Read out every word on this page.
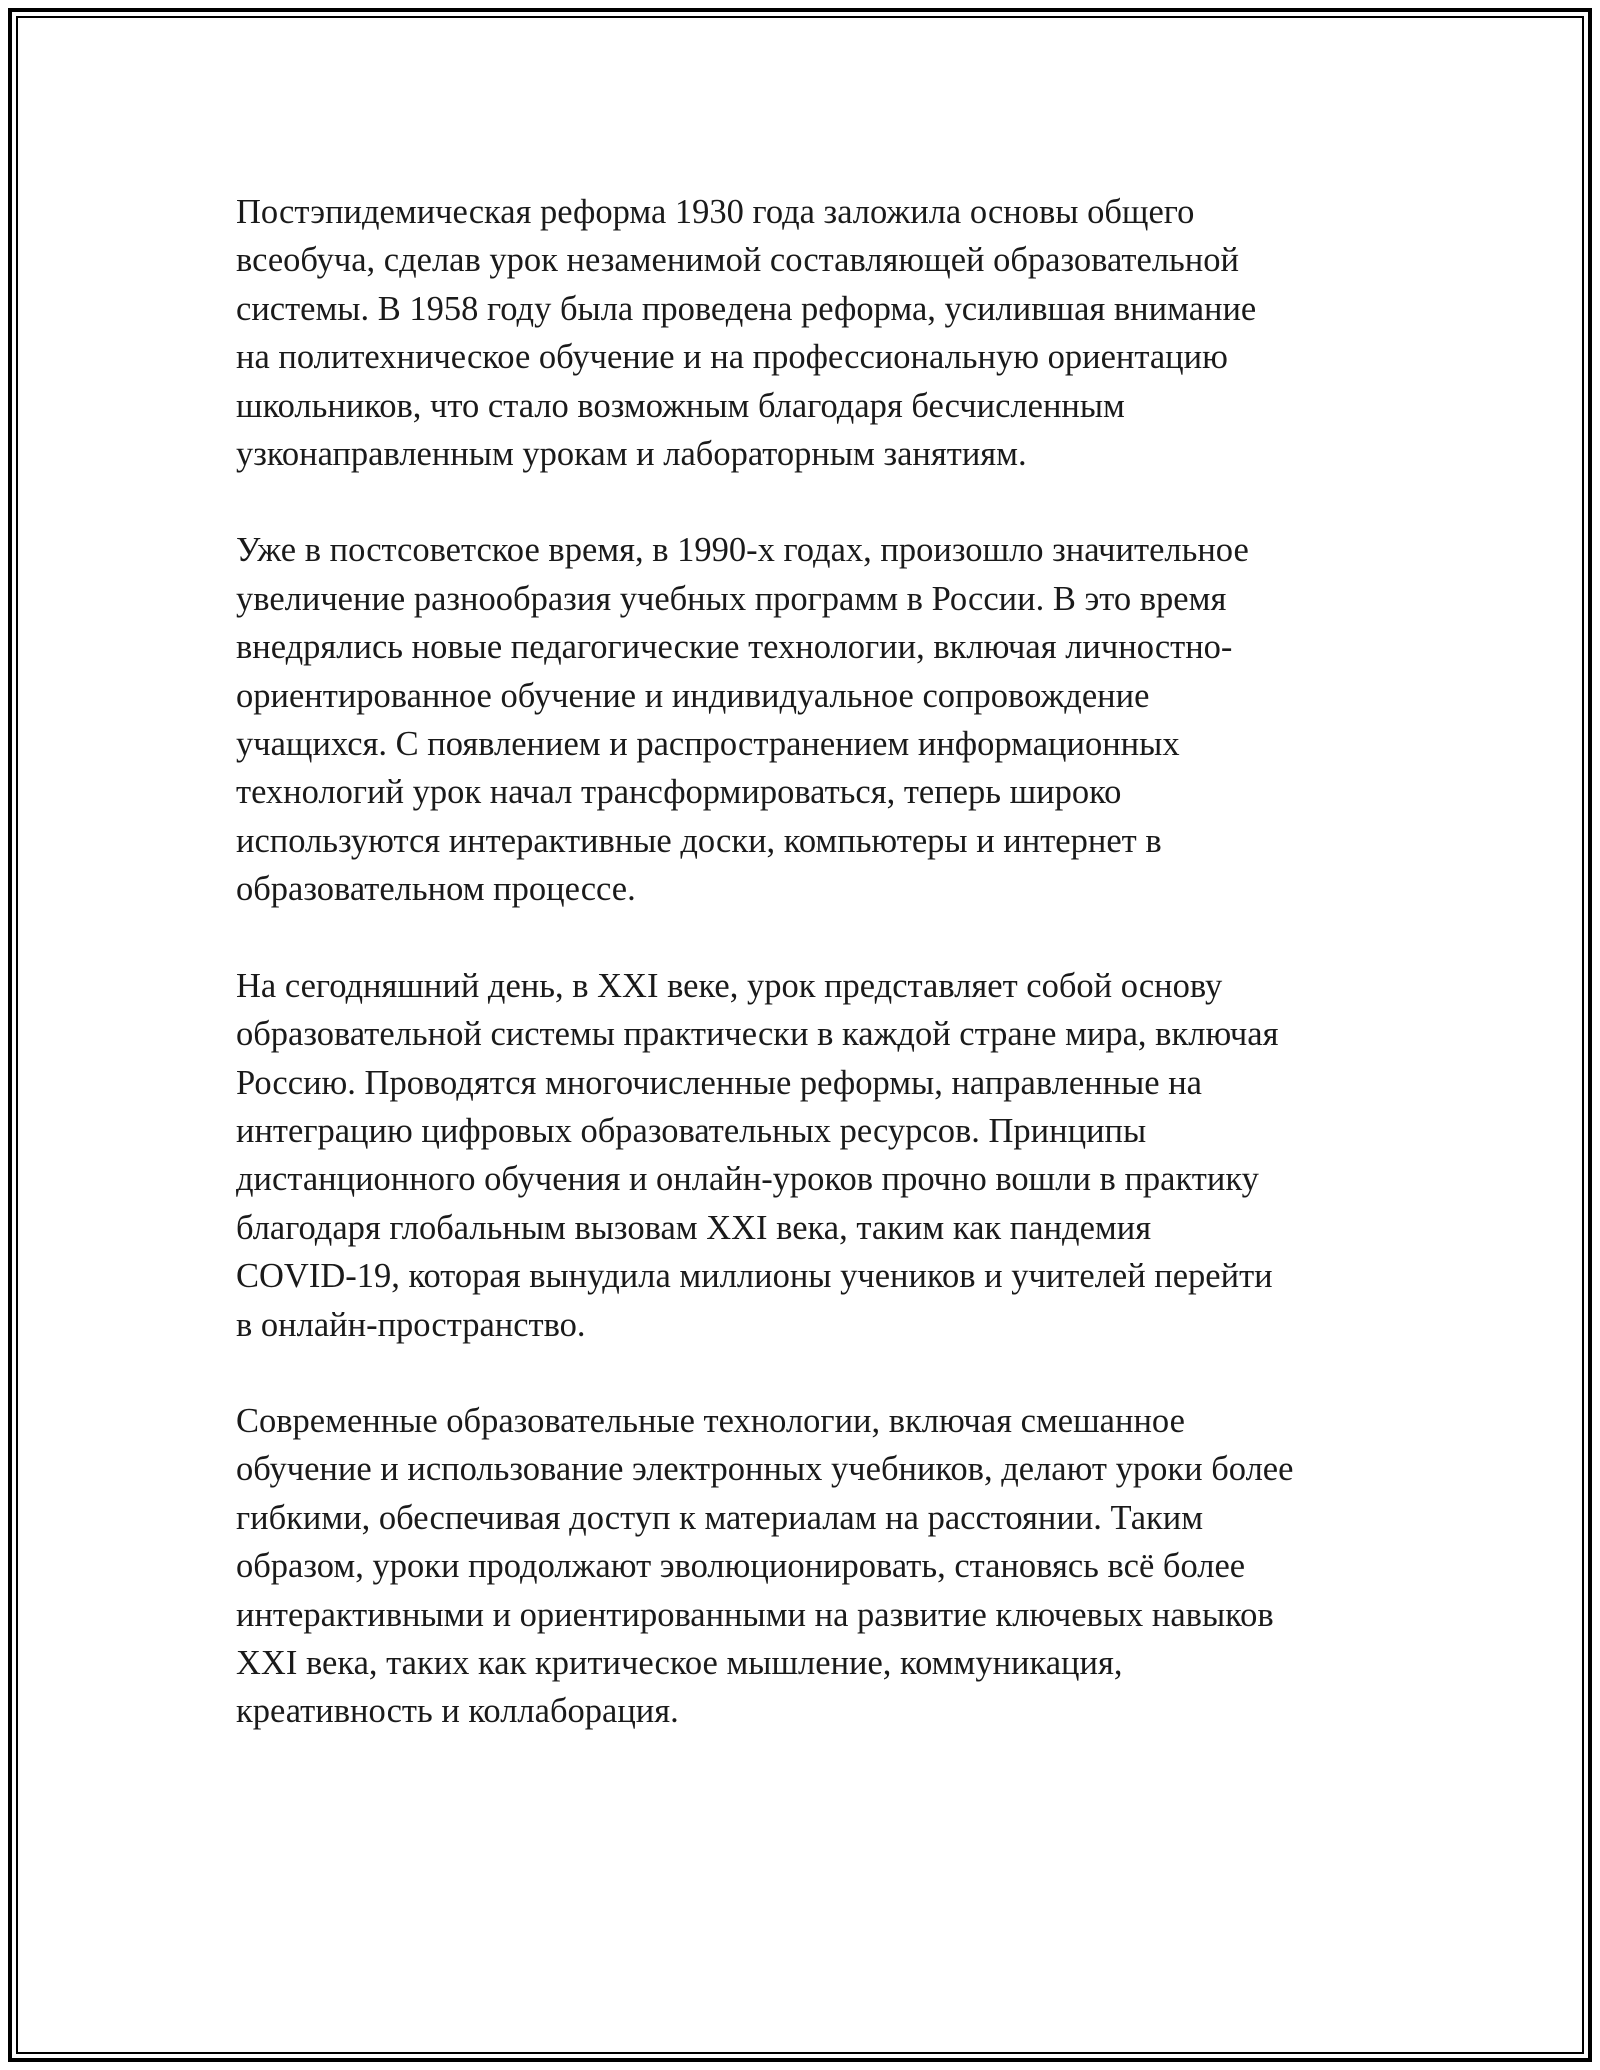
Постэпидемическая реформа 1930 года заложила основы общего
всеобуча, сделав урок незаменимой составляющей образовательной
системы. В 1958 году была проведена реформа, усилившая внимание
на политехническое обучение и на профессиональную ориентацию
школьников, что стало возможным благодаря бесчисленным
узконаправленным урокам и лабораторным занятиям.

Уже в постсоветское время, в 1990-х годах, произошло значительное
увеличение разнообразия учебных программ в России. В это время
внедрялись новые педагогические технологии, включая личностно-
ориентированное обучение и индивидуальное сопровождение
учащихся. С появлением и распространением информационных
технологий урок начал трансформироваться, теперь широко
используются интерактивные доски, компьютеры и интернет в
образовательном процессе.

На сегодняшний день, в XXI веке, урок представляет собой основу
образовательной системы практически в каждой стране мира, включая
Россию. Проводятся многочисленные реформы, направленные на
интеграцию цифровых образовательных ресурсов. Принципы
дистанционного обучения и онлайн-уроков прочно вошли в практику
благодаря глобальным вызовам XXI века, таким как пандемия
COVID-19, которая вынудила миллионы учеников и учителей перейти
в онлайн-пространство.

Современные образовательные технологии, включая смешанное
обучение и использование электронных учебников, делают уроки более
гибкими, обеспечивая доступ к материалам на расстоянии. Таким
образом, уроки продолжают эволюционировать, становясь всё более
интерактивными и ориентированными на развитие ключевых навыков
XXI века, таких как критическое мышление, коммуникация,
креативность и коллаборация.
